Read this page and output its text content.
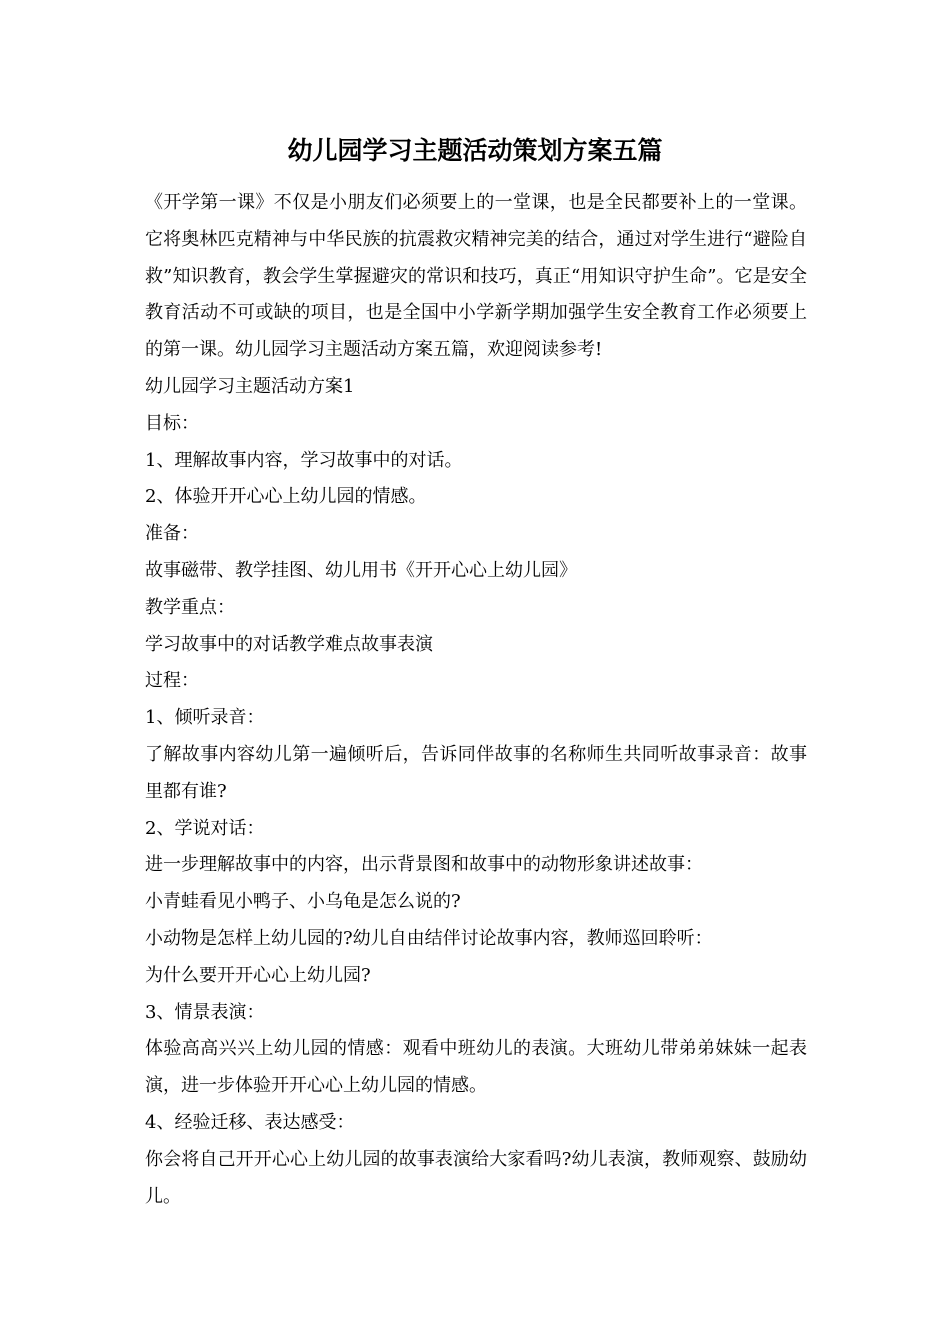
幼儿园学习主题活动策划方案五篇

《开学第一课》不仅是小朋友们必须要上的一堂课，也是全民都要补上的一堂课。它将奥林匹克精神与中华民族的抗震救灾精神完美的结合，通过对学生进行“避险自救”知识教育，教会学生掌握避灾的常识和技巧，真正“用知识守护生命”。它是安全教育活动不可或缺的项目，也是全国中小学新学期加强学生安全教育工作必须要上的第一课。幼儿园学习主题活动方案五篇，欢迎阅读参考!

幼儿园学习主题活动方案1

目标：

1、理解故事内容，学习故事中的对话。

2、体验开开心心上幼儿园的情感。

准备：

故事磁带、教学挂图、幼儿用书《开开心心上幼儿园》

教学重点：

学习故事中的对话教学难点故事表演

过程：

1、倾听录音：

了解故事内容幼儿第一遍倾听后，告诉同伴故事的名称师生共同听故事录音：故事里都有谁?

2、学说对话：

进一步理解故事中的内容，出示背景图和故事中的动物形象讲述故事：

小青蛙看见小鸭子、小乌龟是怎么说的?

小动物是怎样上幼儿园的?幼儿自由结伴讨论故事内容，教师巡回聆听：

为什么要开开心心上幼儿园?

3、情景表演：

体验高高兴兴上幼儿园的情感：观看中班幼儿的表演。大班幼儿带弟弟妹妹一起表演，进一步体验开开心心上幼儿园的情感。

4、经验迁移、表达感受：

你会将自己开开心心上幼儿园的故事表演给大家看吗?幼儿表演，教师观察、鼓励幼儿。
